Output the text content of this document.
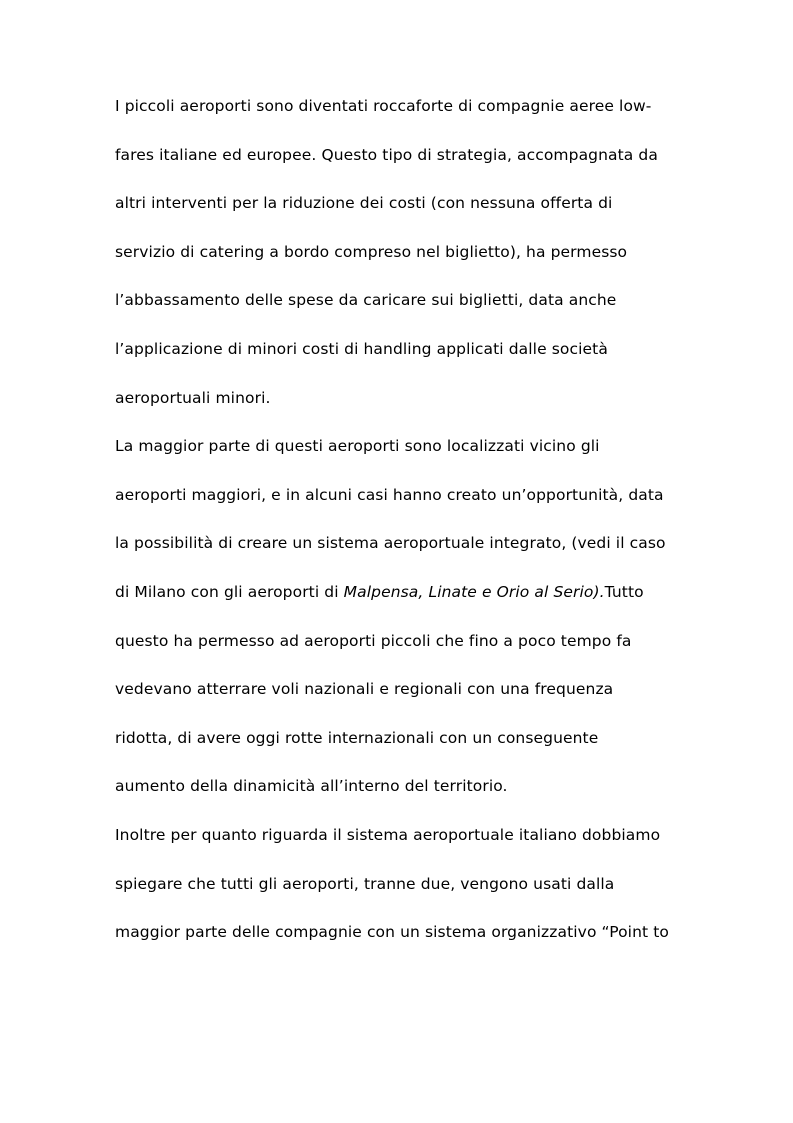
I piccoli aeroporti sono diventati roccaforte di compagnie aeree low-
fares italiane ed europee. Questo tipo di strategia, accompagnata da
altri interventi per la riduzione dei costi (con nessuna offerta di
servizio di catering a bordo compreso nel biglietto), ha permesso
l’abbassamento delle spese da caricare sui biglietti, data anche
l’applicazione di minori costi di handling applicati dalle società
aeroportuali minori.
La maggior parte di questi aeroporti sono localizzati vicino gli
aeroporti maggiori, e in alcuni casi hanno creato un’opportunità, data
la possibilità di creare un sistema aeroportuale integrato, (vedi il caso
di Milano con gli aeroporti di Malpensa, Linate e Orio al Serio).Tutto
questo ha permesso ad aeroporti piccoli che fino a poco tempo fa
vedevano atterrare voli nazionali e regionali con una frequenza
ridotta, di avere oggi rotte internazionali con un conseguente
aumento della dinamicità all’interno del territorio.
Inoltre per quanto riguarda il sistema aeroportuale italiano dobbiamo
spiegare che tutti gli aeroporti, tranne due, vengono usati dalla
maggior parte delle compagnie con un sistema organizzativo “Point to
